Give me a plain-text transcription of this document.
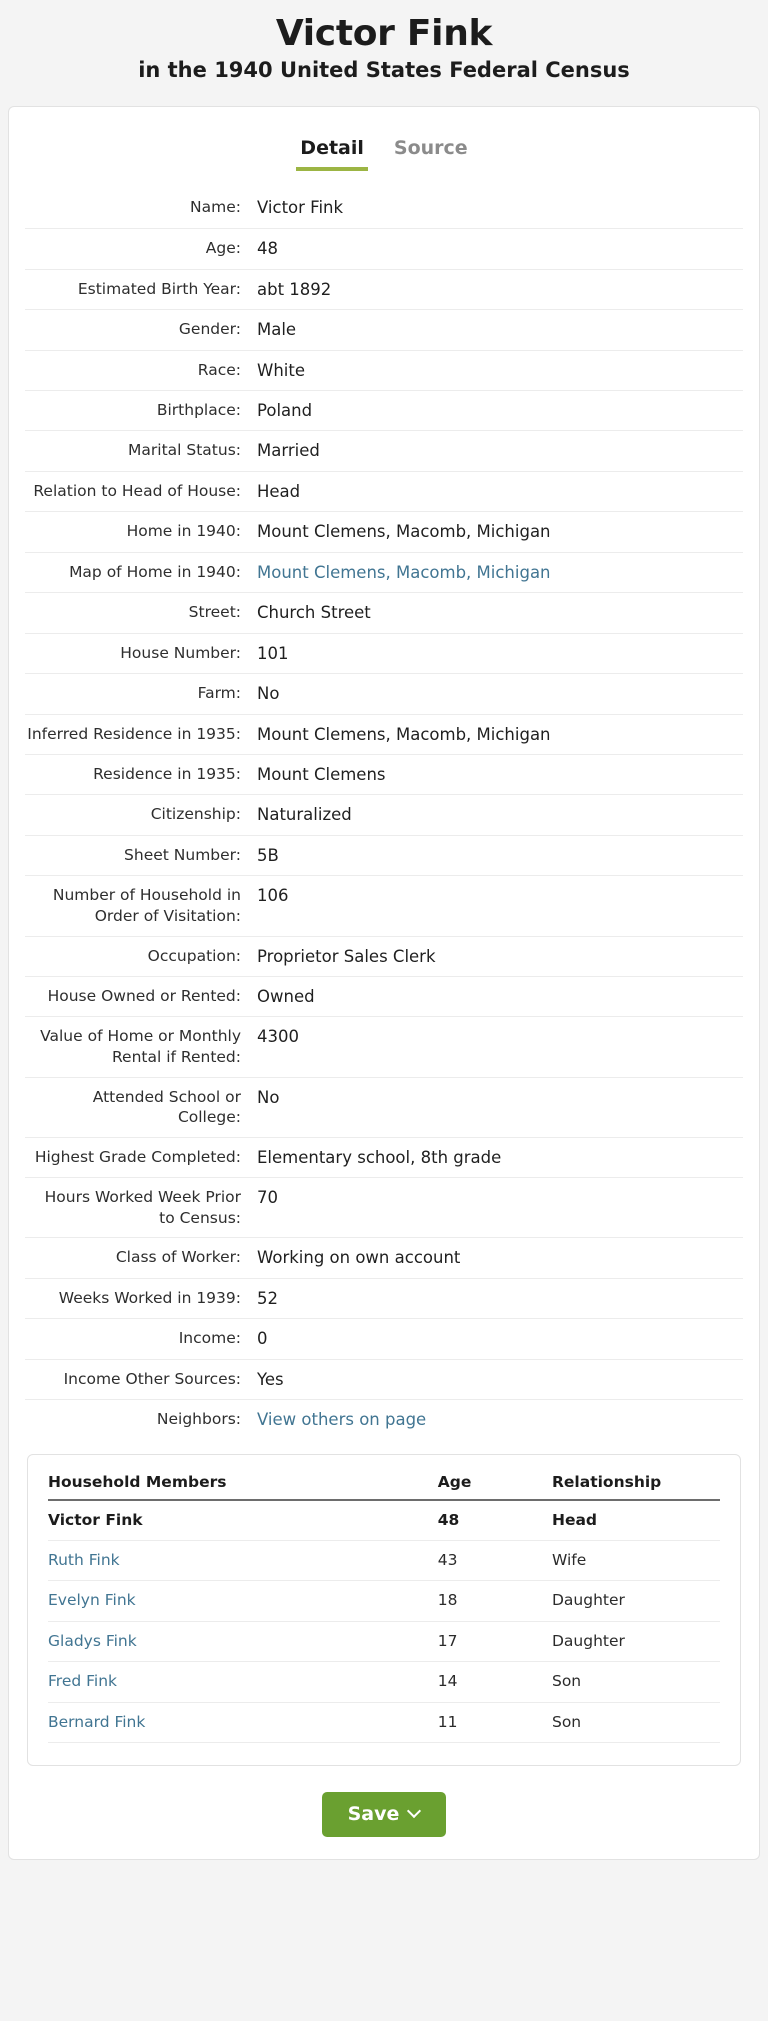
Victor Fink
in the 1940 United States Federal Census
Detail Source
Name: Victor Fink
Age: 48
Estimated Birth Year: abt 1892
Gender: Male
Race: White
Birthplace: Poland
Marital Status: Married
Relation to Head of House: Head
Home in 1940: Mount Clemens, Macomb, Michigan
Map of Home in 1940: Mount Clemens, Macomb, Michigan
Street: Church Street
House Number: 101
Farm: No
Inferred Residence in 1935: Mount Clemens, Macomb, Michigan
Residence in 1935: Mount Clemens
Citizenship: Naturalized
Sheet Number: 5B
Number of Household in Order of Visitation:
106
Occupation: Proprietor Sales Clerk
House Owned or Rented: Owned
Value of Home or Monthly Rental if Rented:
4300
Attended School or College:
No
Highest Grade Completed: Elementary school, 8th grade
Hours Worked Week Prior to Census:
70
Class of Worker: Working on own account
Weeks Worked in 1939: 52
Income: 0
Income Other Sources: Yes
Neighbors: View others on page
Household Members	Age	Relationship
Victor Fink	48	Head
Ruth Fink	43	Wife
Evelyn Fink	18	Daughter
Gladys Fink	17	Daughter
Fred Fink	14	Son
Bernard Fink	11	Son
Save
